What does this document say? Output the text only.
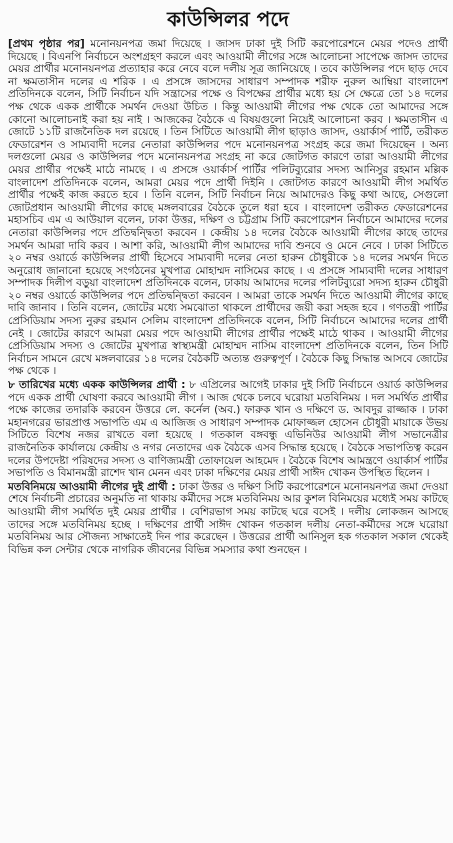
কাউন্সিলর পদে

[প্রথম পৃষ্ঠার পর] মনোনয়নপত্র জমা দিয়েছে । জাসদ ঢাকা দুই সিটি করপোরেশনে মেয়র পদেও প্রার্থী দিয়েছে । বিএনপি নির্বাচনে অংশগ্রহণ করলে এবং আওয়ামী লীগের সঙ্গে আলোচনা সাপেক্ষে জাসদ তাদের মেয়র প্রার্থীর মনোনয়নপত্র প্রত্যাহার করে নেবে বলে দলীয় সূত্র জানিয়েছে । তবে কাউন্সিলর পদে ছাড় দেবে না ক্ষমতাসীন দলের এ শরিক । এ প্রসঙ্গে জাসদের সাধারণ সম্পাদক শরীফ নুরুল আম্বিয়া বাংলাদেশ প্রতিদিনকে বলেন, সিটি নির্বাচন যদি সন্ত্রাসের পক্ষে ও বিপক্ষের প্রার্থীর মধ্যে হয় সে ক্ষেত্রে তো ১৪ দলের পক্ষ থেকে একক প্রার্থীকে সমর্থন দেওয়া উচিত । কিন্তু আওয়ামী লীগের পক্ষ থেকে তো আমাদের সঙ্গে কোনো আলোচনাই করা হয় নাই । আজকের বৈঠকে এ বিষয়গুলো নিয়েই আলোচনা করব । ক্ষমতাসীন এ জোটে ১১টি রাজনৈতিক দল রয়েছে । তিন সিটিতে আওয়ামী লীগ ছাড়াও জাসদ, ওয়ার্কার্স পার্টি, তরীকত ফেডারেশন ও সাম্যবাদী দলের নেতারা কাউন্সিলর পদে মনোনয়নপত্র সংগ্রহ করে জমা দিয়েছেন । অন্য দলগুলো মেয়র ও কাউন্সিলর পদে মনোনয়নপত্র সংগ্রহ না করে জোটগত কারণে তারা আওয়ামী লীগের মেয়র প্রার্থীর পক্ষেই মাঠে নামছে । এ প্রসঙ্গে ওয়ার্কার্স পার্টির পলিটব্যুরোর সদস্য আনিসুর রহমান মল্লিক বাংলাদেশ প্রতিদিনকে বলেন, আমরা মেয়র পদে প্রার্থী দিইনি । জোটগত কারণে আওয়ামী লীগ সমর্থিত প্রার্থীর পক্ষেই কাজ করতে হবে । তিনি বলেন, সিটি নির্বাচন নিয়ে আমাদেরও কিছু কথা আছে, সেগুলো জোটপ্রধান আওয়ামী লীগের কাছে মঙ্গলবারের বৈঠকে তুলে ধরা হবে । বাংলাদেশ তরীকত ফেডারেশনের মহাসচিব এম এ আউয়াল বলেন, ঢাকা উত্তর, দক্ষিণ ও চট্টগ্রাম সিটি করপোরেশন নির্বাচনে আমাদের দলের নেতারা কাউন্সিলর পদে প্রতিদ্বন্দ্বিতা করবেন । কেন্দ্রীয় ১৪ দলের বৈঠকে আওয়ামী লীগের কাছে তাদের সমর্থন আমরা দাবি করব । আশা করি, আওয়ামী লীগ আমাদের দাবি শুনবে ও মেনে নেবে । ঢাকা সিটিতে ২০ নম্বর ওয়ার্ডে কাউন্সিলর প্রার্থী হিসেবে সাম্যবাদী দলের নেতা হারুন চৌধুরীকে ১৪ দলের সমর্থন দিতে অনুরোধ জানানো হয়েছে সংগঠনের মুখপাত্র মোহাম্মদ নাসিমের কাছে । এ প্রসঙ্গে সাম্যবাদী দলের সাধারণ সম্পাদক দিলীপ বড়ুয়া বাংলাদেশ প্রতিদিনকে বলেন, ঢাকায় আমাদের দলের পলিটব্যুরো সদস্য হারুন চৌধুরী ২০ নম্বর ওয়ার্ডে কাউন্সিলর পদে প্রতিদ্বন্দ্বিতা করবেন । আমরা তাকে সমর্থন দিতে আওয়ামী লীগের কাছে দাবি জানাব । তিনি বলেন, জোটের মধ্যে সমঝোতা থাকলে প্রার্থীদের জয়ী করা সহজ হবে । গণতন্ত্রী পার্টির প্রেসিডিয়াম সদস্য নুরুর রহমান সেলিম বাংলাদেশ প্রতিদিনকে বলেন, সিটি নির্বাচনে আমাদের দলের প্রার্থী নেই । জোটের কারণে আমরা মেয়র পদে আওয়ামী লীগের প্রার্থীর পক্ষেই মাঠে থাকব । আওয়ামী লীগের প্রেসিডিয়াম সদস্য ও জোটের মুখপাত্র স্বাস্থ্যমন্ত্রী মোহাম্মদ নাসিম বাংলাদেশ প্রতিদিনকে বলেন, তিন সিটি নির্বাচন সামনে রেখে মঙ্গলবারের ১৪ দলের বৈঠকটি অত্যন্ত গুরুত্বপূর্ণ । বৈঠকে কিছু সিদ্ধান্ত আসবে জোটের পক্ষ থেকে ।

৮ তারিখের মধ্যে একক কাউন্সিলর প্রার্থী : ৮ এপ্রিলের আগেই ঢাকার দুই সিটি নির্বাচনে ওয়ার্ড কাউন্সিলর পদে একক প্রার্থী ঘোষণা করবে আওয়ামী লীগ । আজ থেকে চলবে ঘরোয়া মতবিনিময় । দল সমর্থিত প্রার্থীর পক্ষে কাজের তদারকি করবেন উত্তরে লে. কর্নেল (অব.) ফারুক খান ও দক্ষিণে ড. আবদুর রাজ্জাক । ঢাকা মহানগরের ভারপ্রাপ্ত সভাপতি এম এ আজিজ ও সাধারণ সম্পাদক মোফাজ্জল হোসেন চৌধুরী মায়াকে উভয় সিটিতে বিশেষ নজর রাখতে বলা হয়েছে । গতকাল বঙ্গবন্ধু এভিনিউর আওয়ামী লীগ সভানেত্রীর রাজনৈতিক কার্যালয়ে কেন্দ্রীয় ও নগর নেতাদের এক বৈঠকে এসব সিদ্ধান্ত হয়েছে । বৈঠকে সভাপতিত্ব করেন দলের উপদেষ্টা পরিষদের সদস্য ও বাণিজ্যমন্ত্রী তোফায়েল আহমেদ । বৈঠকে বিশেষ আমন্ত্রণে ওয়ার্কার্স পার্টির সভাপতি ও বিমানমন্ত্রী রাশেদ খান মেনন এবং ঢাকা দক্ষিণের মেয়র প্রার্থী সাঈদ খোকন উপস্থিত ছিলেন ।

মতবিনিময়ে আওয়ামী লীগের দুই প্রার্থী : ঢাকা উত্তর ও দক্ষিণ সিটি করপোরেশনে মনোনয়নপত্র জমা দেওয়া শেষে নির্বাচনী প্রচারের অনুমতি না থাকায় কর্মীদের সঙ্গে মতবিনিময় আর কুশল বিনিময়ের মধ্যেই সময় কাটছে আওয়ামী লীগ সমর্থিত দুই মেয়র প্রার্থীর । বেশিরভাগ সময় কাটছে ঘরে বসেই । দলীয় লোকজন আসছে তাদের সঙ্গে মতবিনিময় হচ্ছে । দক্ষিণের প্রার্থী সাঈদ খোকন গতকাল দলীয় নেতা-কর্মীদের সঙ্গে ঘরোয়া মতবিনিময় আর সৌজন্য সাক্ষাতেই দিন পার করেছেন । উত্তরের প্রার্থী আনিসুল হক গতকাল সকাল থেকেই বিভিন্ন কল সেন্টার থেকে নাগরিক জীবনের বিভিন্ন সমস্যার কথা শুনছেন ।
